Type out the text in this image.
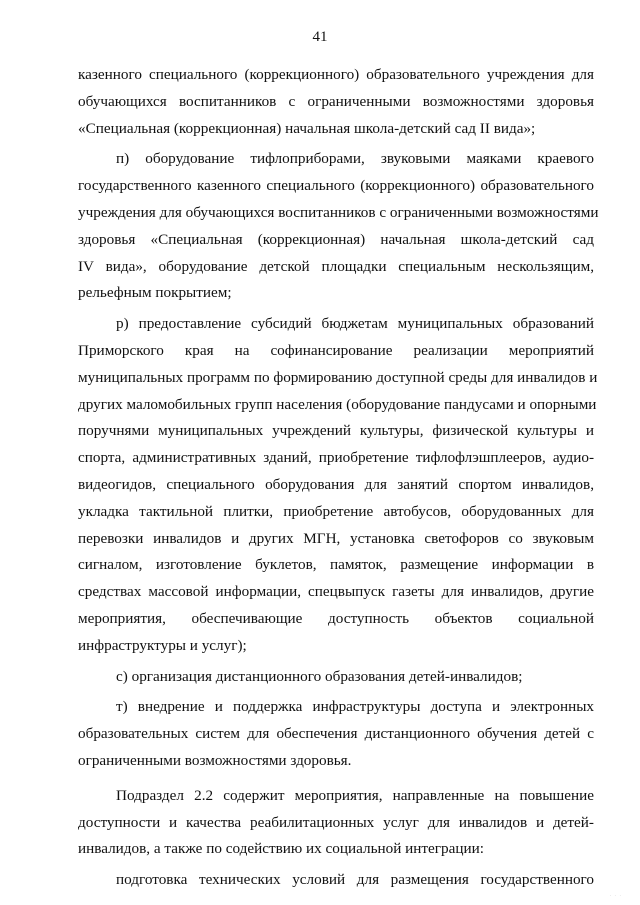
41

казенного специального (коррекционного) образовательного учреждения для
обучающихся воспитанников с ограниченными возможностями здоровья
«Специальная (коррекционная) начальная школа-детский сад II вида»;

п) оборудование тифлоприборами, звуковыми маяками краевого
государственного казенного специального (коррекционного) образовательного
учреждения для обучающихся воспитанников с ограниченными возможностями
здоровья «Специальная (коррекционная) начальная школа-детский сад
IV вида», оборудование детской площадки специальным нескользящим,
рельефным покрытием;

р) предоставление субсидий бюджетам муниципальных образований
Приморского края на софинансирование реализации мероприятий
муниципальных программ по формированию доступной среды для инвалидов и
других маломобильных групп населения (оборудование пандусами и опорными
поручнями муниципальных учреждений культуры, физической культуры и
спорта, административных зданий, приобретение тифлофлэшплееров, аудио-
видеогидов, специального оборудования для занятий спортом инвалидов,
укладка тактильной плитки, приобретение автобусов, оборудованных для
перевозки инвалидов и других МГН, установка светофоров со звуковым
сигналом, изготовление буклетов, памяток, размещение информации в
средствах массовой информации, спецвыпуск газеты для инвалидов, другие
мероприятия, обеспечивающие доступность объектов социальной
инфраструктуры и услуг);

с) организация дистанционного образования детей-инвалидов;

т) внедрение и поддержка инфраструктуры доступа и электронных
образовательных систем для обеспечения дистанционного обучения детей с
ограниченными возможностями здоровья.

Подраздел 2.2 содержит мероприятия, направленные на повышение
доступности и качества реабилитационных услуг для инвалидов и детей-
инвалидов, а также по содействию их социальной интеграции:

подготовка технических условий для размещения государственного

· · ·
